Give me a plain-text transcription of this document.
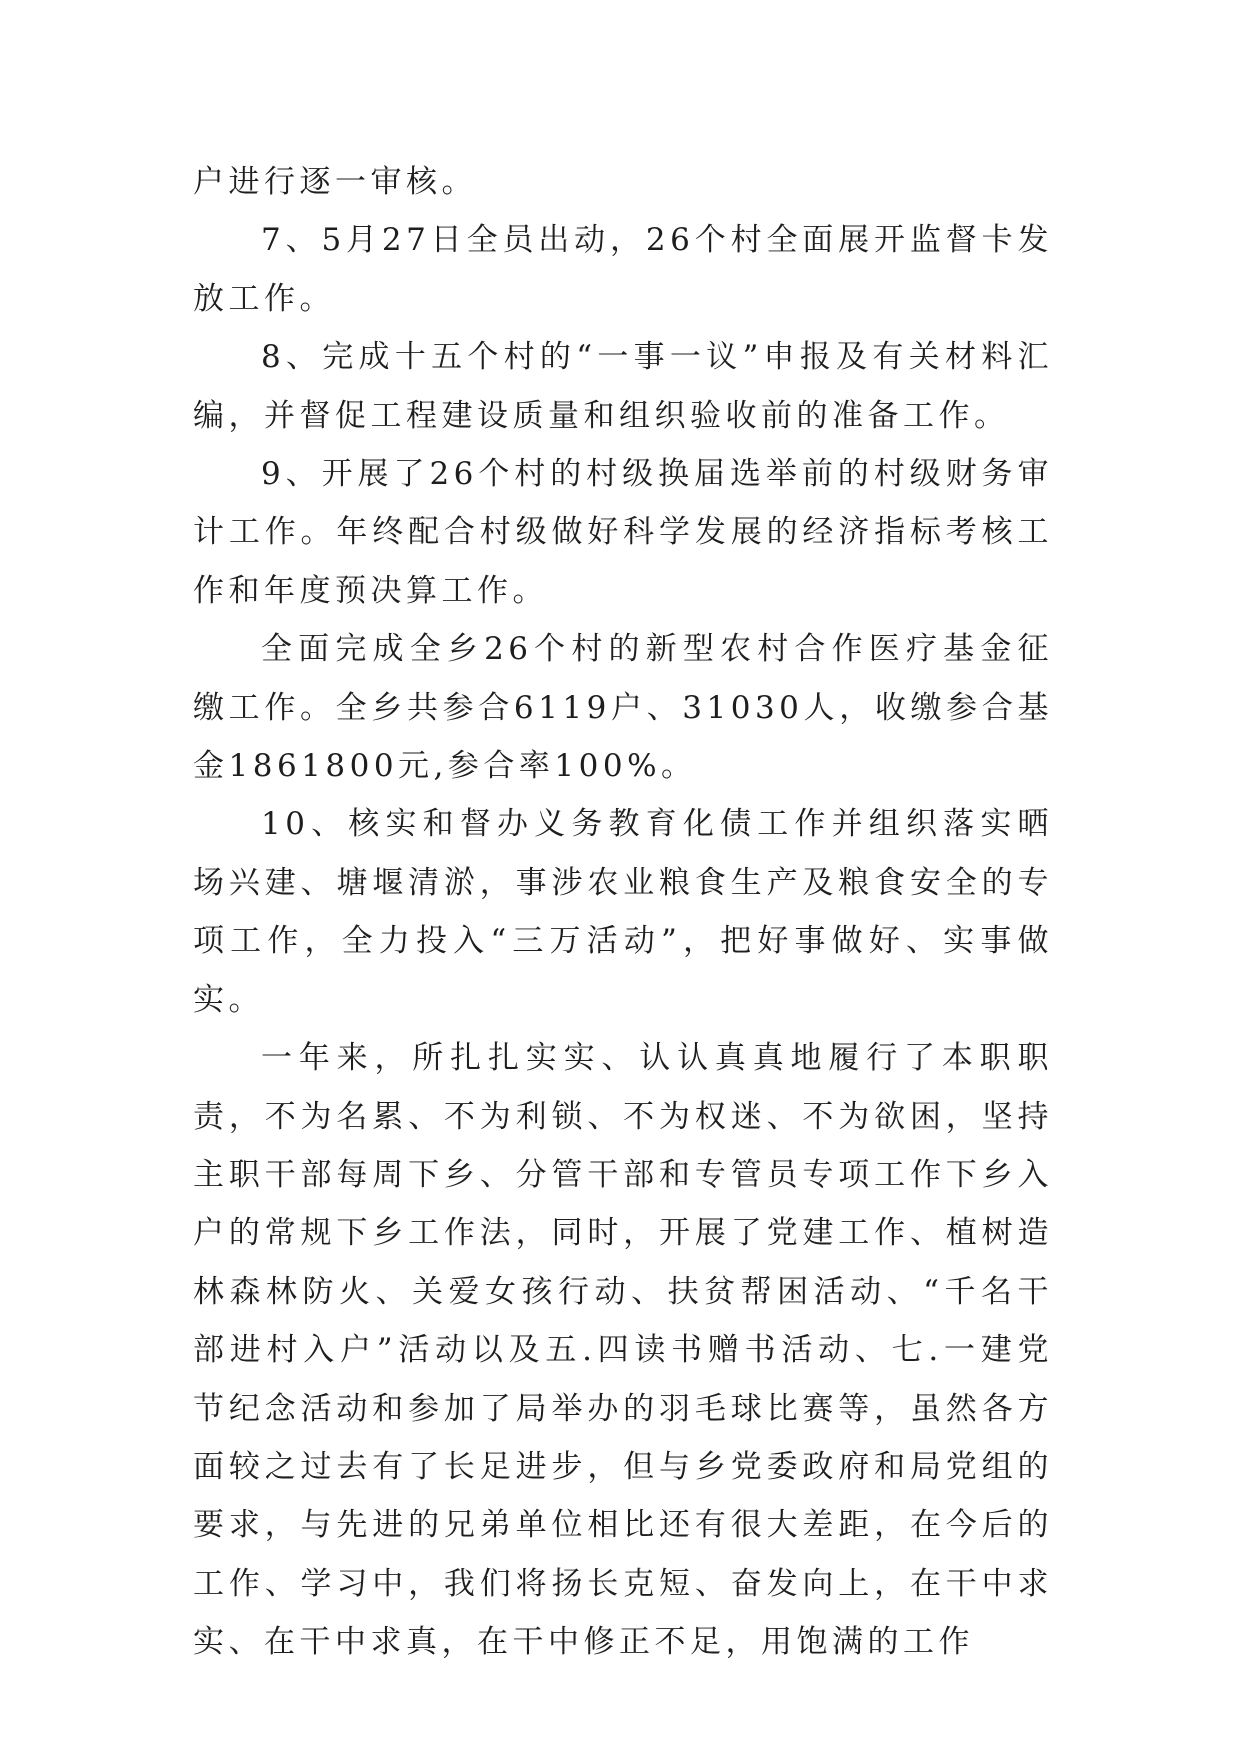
户进行逐一审核。

7、5月27日全员出动，26个村全面展开监督卡发放工作。

8、完成十五个村的“一事一议”申报及有关材料汇编，并督促工程建设质量和组织验收前的准备工作。

9、开展了26个村的村级换届选举前的村级财务审计工作。年终配合村级做好科学发展的经济指标考核工作和年度预决算工作。

全面完成全乡26个村的新型农村合作医疗基金征缴工作。全乡共参合6119户、31030人，收缴参合基金1861800元,参合率100%。

10、核实和督办义务教育化债工作并组织落实晒场兴建、塘堰清淤，事涉农业粮食生产及粮食安全的专项工作，全力投入“三万活动”，把好事做好、实事做实。

一年来，所扎扎实实、认认真真地履行了本职职责，不为名累、不为利锁、不为权迷、不为欲困，坚持主职干部每周下乡、分管干部和专管员专项工作下乡入户的常规下乡工作法，同时，开展了党建工作、植树造林森林防火、关爱女孩行动、扶贫帮困活动、“千名干部进村入户”活动以及五.四读书赠书活动、七.一建党节纪念活动和参加了局举办的羽毛球比赛等，虽然各方面较之过去有了长足进步，但与乡党委政府和局党组的要求，与先进的兄弟单位相比还有很大差距，在今后的工作、学习中，我们将扬长克短、奋发向上，在干中求实、在干中求真，在干中修正不足，用饱满的工作
